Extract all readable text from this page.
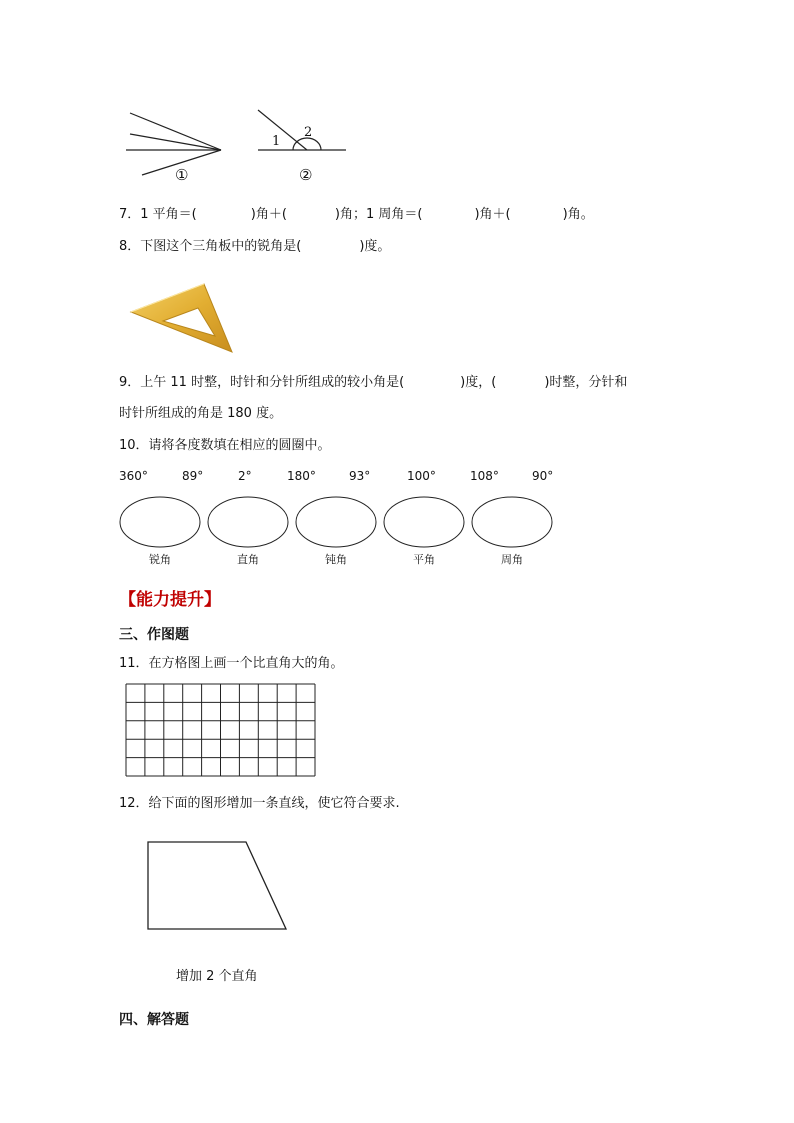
1
2
①	②
7．1 平角＝(	)角＋(	)角；1 周角＝(	)角＋(	)角。
8．下图这个三角板中的锐角是(	)度。
9．上午 11 时整，时针和分针所组成的较小角是(	)度，(	)时整，分针和
时针所组成的角是 180 度。
10．请将各度数填在相应的圆圈中。
360°	89°	2°	180°	93°	100°	108°	90°
锐角	直角	钝角	平角	周角
【能力提升】
三、作图题
11．在方格图上画一个比直角大的角。
12．给下面的图形增加一条直线，使它符合要求.
增加 2 个直角
四、解答题
